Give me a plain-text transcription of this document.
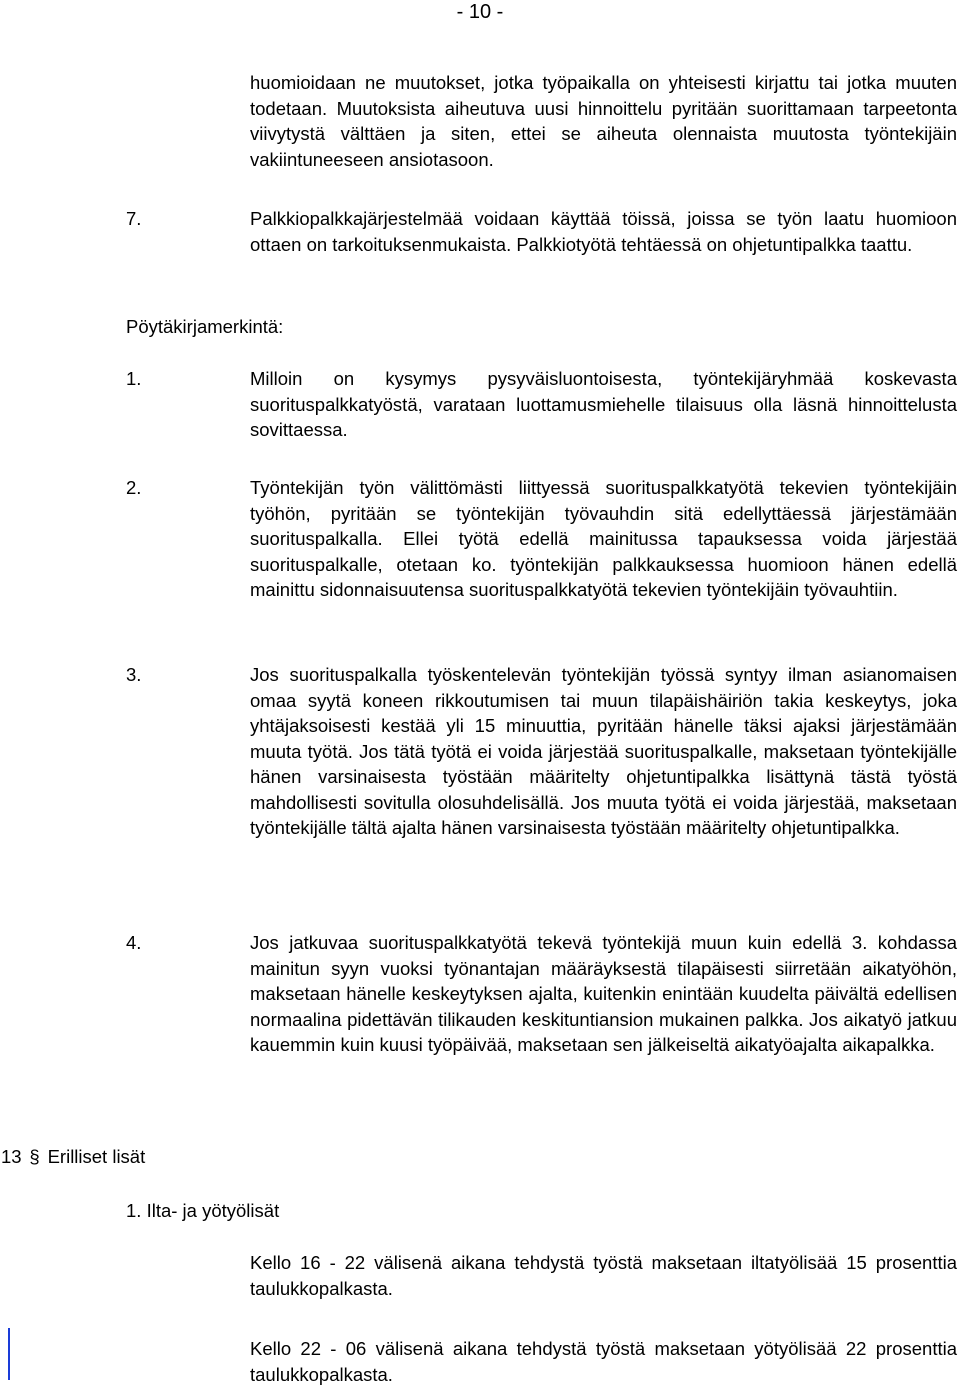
- 10 -
huomioidaan ne muutokset, jotka työpaikalla on yhteisesti kirjattu tai jotka muuten todetaan. Muutoksista aiheutuva uusi hinnoittelu pyritään suorittamaan tarpeetonta viivytystä välttäen ja siten, ettei se aiheuta olennaista muutosta työntekijäin vakiintuneeseen ansiotasoon.
7.	Palkkiopalkkajärjestelmää voidaan käyttää töissä, joissa se työn laatu huomioon ottaen on tarkoituksenmukaista. Palkkiotyötä tehtäessä on ohjetuntipalkka taattu.
Pöytäkirjamerkintä:
1.	Milloin on kysymys pysyväisluontoisesta, työntekijäryhmää koskevasta suorituspalkkatyöstä, varataan luottamusmiehelle tilaisuus olla läsnä hinnoittelusta sovittaessa.
2.	Työntekijän työn välittömästi liittyessä suorituspalkkatyötä tekevien työntekijäin työhön, pyritään se työntekijän työvauhdin sitä edellyttäessä järjestämään suorituspalkalla. Ellei työtä edellä mainitussa tapauksessa voida järjestää suorituspalkalle, otetaan ko. työntekijän palkkauksessa huomioon hänen edellä mainittu sidonnaisuutensa suorituspalkkatyötä tekevien työntekijäin työvauhtiin.
3.	Jos suorituspalkalla työskentelevän työntekijän työssä syntyy ilman asianomaisen omaa syytä koneen rikkoutumisen tai muun tilapäishäiriön takia keskeytys, joka yhtäjaksoisesti kestää yli 15 minuuttia, pyritään hänelle täksi ajaksi järjestämään muuta työtä. Jos tätä työtä ei voida järjestää suorituspalkalle, maksetaan työntekijälle hänen varsinaisesta työstään määritelty ohjetuntipalkka lisättynä tästä työstä mahdollisesti sovitulla olosuhdelisällä. Jos muuta työtä ei voida järjestää, maksetaan työntekijälle tältä ajalta hänen varsinaisesta työstään määritelty ohjetuntipalkka.
4.	Jos jatkuvaa suorituspalkkatyötä tekevä työntekijä muun kuin edellä 3. kohdassa mainitun syyn vuoksi työnantajan määräyksestä tilapäisesti siirretään aikatyöhön, maksetaan hänelle keskeytyksen ajalta, kuitenkin enintään kuudelta päivältä edellisen normaalina pidettävän tilikauden keskituntiansion mukainen palkka. Jos aikatyö jatkuu kauemmin kuin kuusi työpäivää, maksetaan sen jälkeiseltä aikatyöajalta aikapalkka.
13 § Erilliset lisät
1. Ilta- ja yötyölisät
Kello 16 - 22 välisenä aikana tehdystä työstä maksetaan iltatyölisää 15 prosenttia taulukkopalkasta.
Kello 22 - 06 välisenä aikana tehdystä työstä maksetaan yötyölisää 22 prosenttia taulukkopalkasta.
